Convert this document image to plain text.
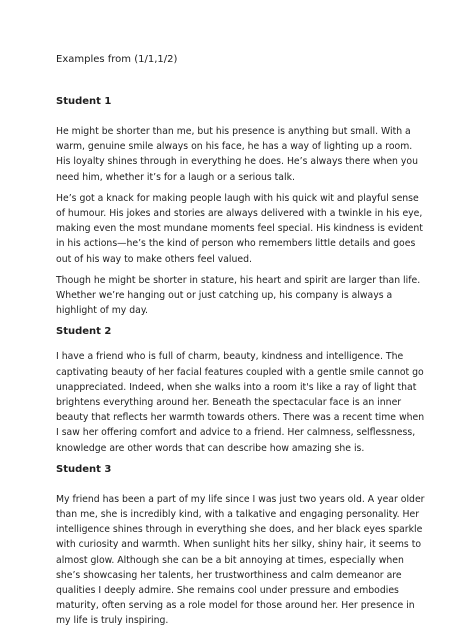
Examples from (1/1,1/2)

Student 1

He might be shorter than me, but his presence is anything but small. With a warm, genuine smile always on his face, he has a way of lighting up a room. His loyalty shines through in everything he does. He’s always there when you need him, whether it’s for a laugh or a serious talk.

He’s got a knack for making people laugh with his quick wit and playful sense of humour. His jokes and stories are always delivered with a twinkle in his eye, making even the most mundane moments feel special. His kindness is evident in his actions—he’s the kind of person who remembers little details and goes out of his way to make others feel valued.

Though he might be shorter in stature, his heart and spirit are larger than life. Whether we’re hanging out or just catching up, his company is always a highlight of my day.

Student 2

I have a friend who is full of charm, beauty, kindness and intelligence. The captivating beauty of her facial features coupled with a gentle smile cannot go unappreciated. Indeed, when she walks into a room it's like a ray of light that brightens everything around her. Beneath the spectacular face is an inner beauty that reflects her warmth towards others. There was a recent time when I saw her offering comfort and advice to a friend. Her calmness, selflessness, knowledge are other words that can describe how amazing she is.

Student 3

My friend has been a part of my life since I was just two years old. A year older than me, she is incredibly kind, with a talkative and engaging personality. Her intelligence shines through in everything she does, and her black eyes sparkle with curiosity and warmth. When sunlight hits her silky, shiny hair, it seems to almost glow. Although she can be a bit annoying at times, especially when she’s showcasing her talents, her trustworthiness and calm demeanor are qualities I deeply admire. She remains cool under pressure and embodies maturity, often serving as a role model for those around her. Her presence in my life is truly inspiring.
